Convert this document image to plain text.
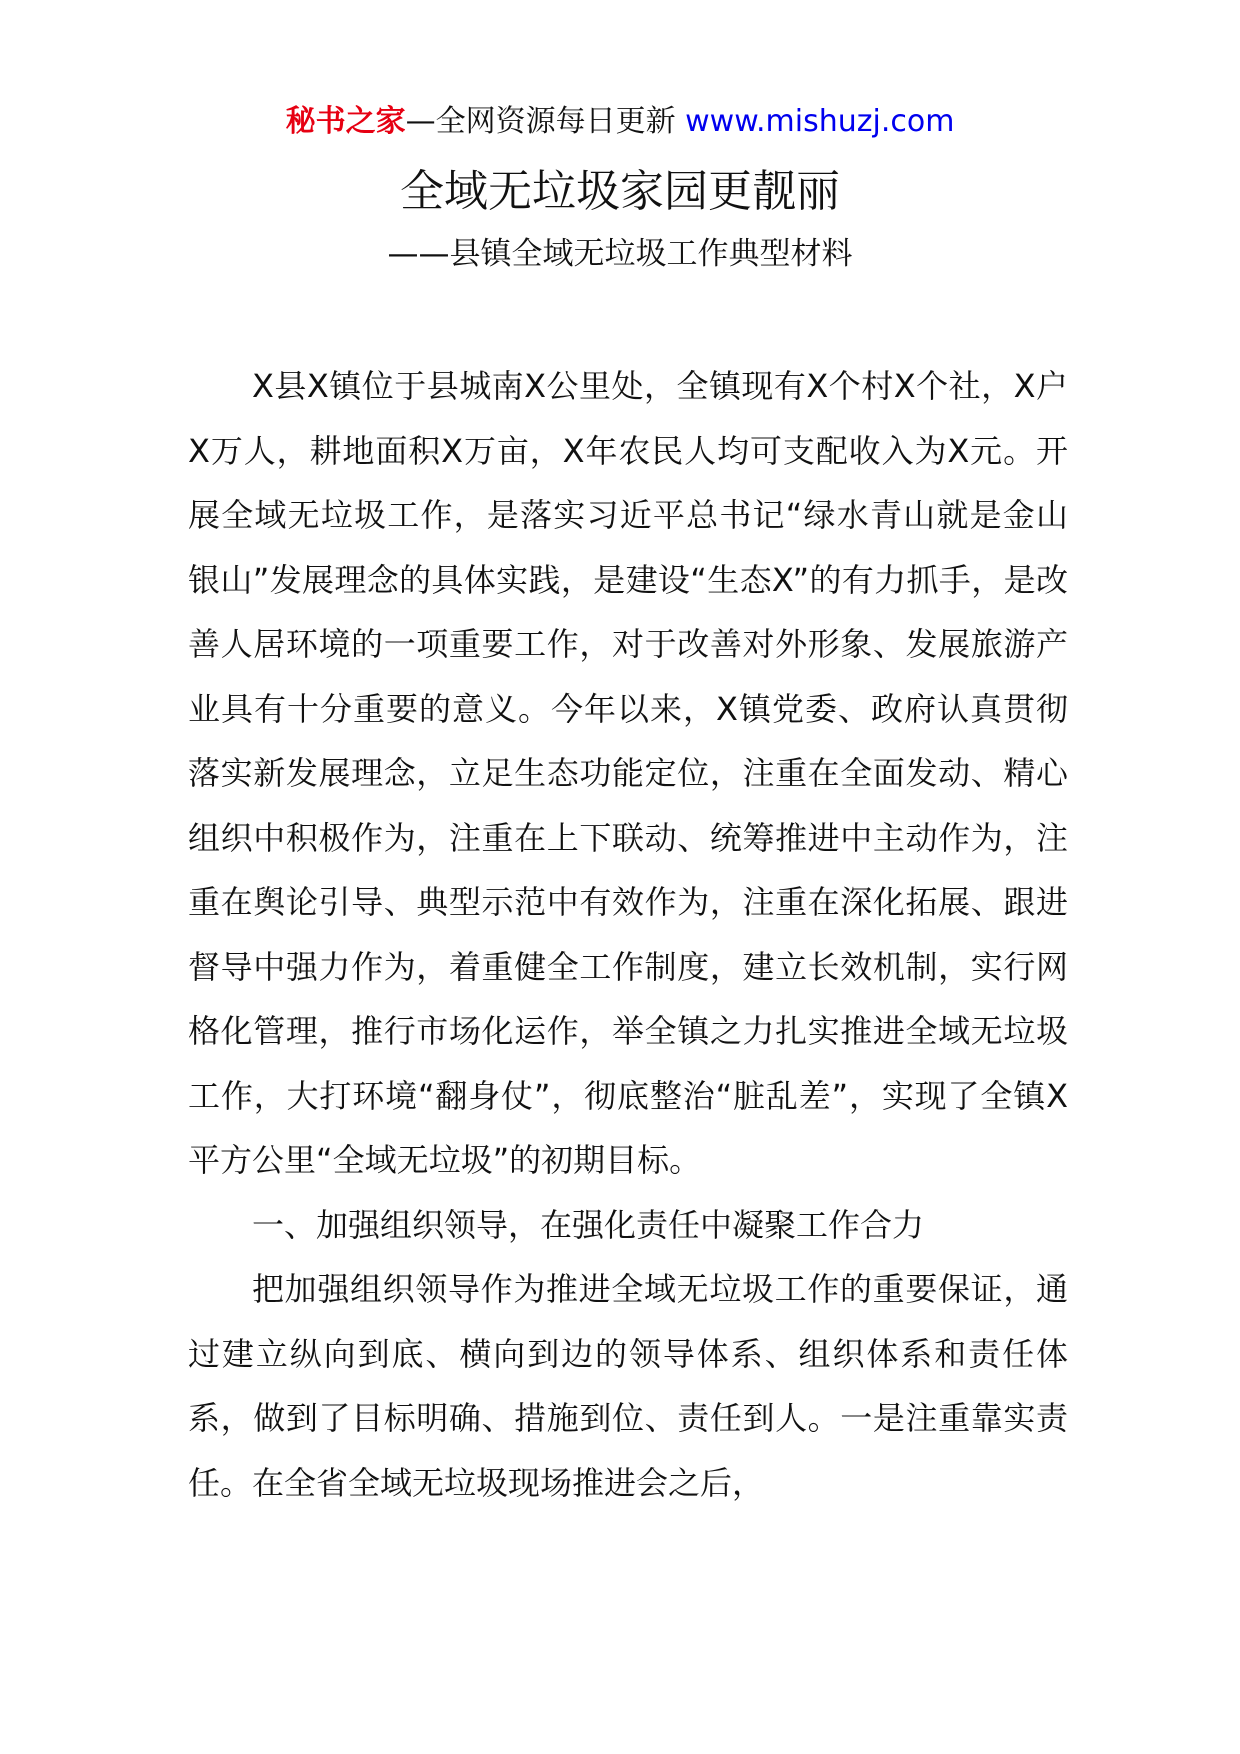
秘书之家—全网资源每日更新 www.mishuzj.com
全域无垃圾家园更靓丽
——县镇全域无垃圾工作典型材料

X县X镇位于县城南X公里处，全镇现有X个村X个社，X户X万人，耕地面积X万亩，X年农民人均可支配收入为X元。开展全域无垃圾工作，是落实习近平总书记“绿水青山就是金山银山”发展理念的具体实践，是建设“生态X”的有力抓手，是改善人居环境的一项重要工作，对于改善对外形象、发展旅游产业具有十分重要的意义。今年以来，X镇党委、政府认真贯彻落实新发展理念，立足生态功能定位，注重在全面发动、精心组织中积极作为，注重在上下联动、统筹推进中主动作为，注重在舆论引导、典型示范中有效作为，注重在深化拓展、跟进督导中强力作为，着重健全工作制度，建立长效机制，实行网格化管理，推行市场化运作，举全镇之力扎实推进全域无垃圾工作，大打环境“翻身仗”，彻底整治“脏乱差”，实现了全镇X平方公里“全域无垃圾”的初期目标。

一、加强组织领导，在强化责任中凝聚工作合力

把加强组织领导作为推进全域无垃圾工作的重要保证，通过建立纵向到底、横向到边的领导体系、组织体系和责任体系，做到了目标明确、措施到位、责任到人。一是注重靠实责任。在全省全域无垃圾现场推进会之后，
